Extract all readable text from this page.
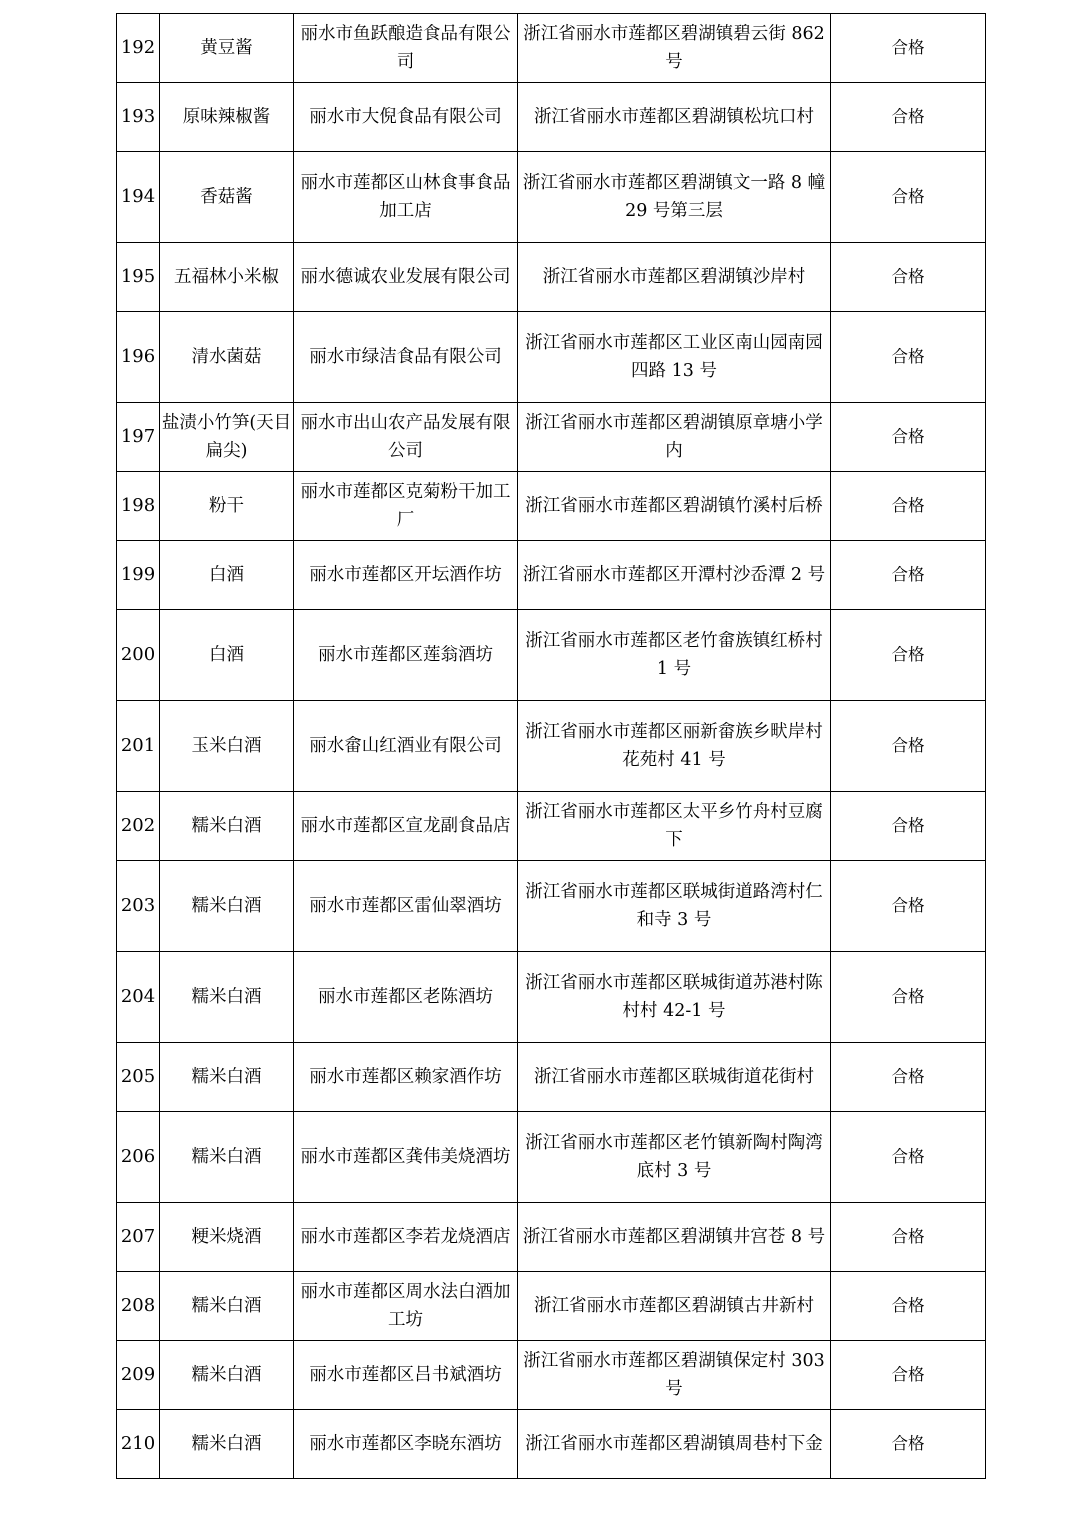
192	黄豆酱	丽水市鱼跃酿造食品有限公司	浙江省丽水市莲都区碧湖镇碧云街 862 号	合格
193	原味辣椒酱	丽水市大倪食品有限公司	浙江省丽水市莲都区碧湖镇松坑口村	合格
194	香菇酱	丽水市莲都区山林食事食品加工店	浙江省丽水市莲都区碧湖镇文一路 8 幢 29 号第三层	合格
195	五福林小米椒	丽水德诚农业发展有限公司	浙江省丽水市莲都区碧湖镇沙岸村	合格
196	清水菌菇	丽水市绿洁食品有限公司	浙江省丽水市莲都区工业区南山园南园四路 13 号	合格
197	盐渍小竹笋(天目扁尖)	丽水市出山农产品发展有限公司	浙江省丽水市莲都区碧湖镇原章塘小学内	合格
198	粉干	丽水市莲都区克菊粉干加工厂	浙江省丽水市莲都区碧湖镇竹溪村后桥	合格
199	白酒	丽水市莲都区开坛酒作坊	浙江省丽水市莲都区开潭村沙岙潭 2 号	合格
200	白酒	丽水市莲都区莲翁酒坊	浙江省丽水市莲都区老竹畲族镇红桥村 1 号	合格
201	玉米白酒	丽水畲山红酒业有限公司	浙江省丽水市莲都区丽新畲族乡畎岸村花苑村 41 号	合格
202	糯米白酒	丽水市莲都区宣龙副食品店	浙江省丽水市莲都区太平乡竹舟村豆腐下	合格
203	糯米白酒	丽水市莲都区雷仙翠酒坊	浙江省丽水市莲都区联城街道路湾村仁和寺 3 号	合格
204	糯米白酒	丽水市莲都区老陈酒坊	浙江省丽水市莲都区联城街道苏港村陈村村 42-1 号	合格
205	糯米白酒	丽水市莲都区赖家酒作坊	浙江省丽水市莲都区联城街道花街村	合格
206	糯米白酒	丽水市莲都区龚伟美烧酒坊	浙江省丽水市莲都区老竹镇新陶村陶湾底村 3 号	合格
207	粳米烧酒	丽水市莲都区李若龙烧酒店	浙江省丽水市莲都区碧湖镇井宫苍 8 号	合格
208	糯米白酒	丽水市莲都区周水法白酒加工坊	浙江省丽水市莲都区碧湖镇古井新村	合格
209	糯米白酒	丽水市莲都区吕书斌酒坊	浙江省丽水市莲都区碧湖镇保定村 303 号	合格
210	糯米白酒	丽水市莲都区李晓东酒坊	浙江省丽水市莲都区碧湖镇周巷村下金	合格
